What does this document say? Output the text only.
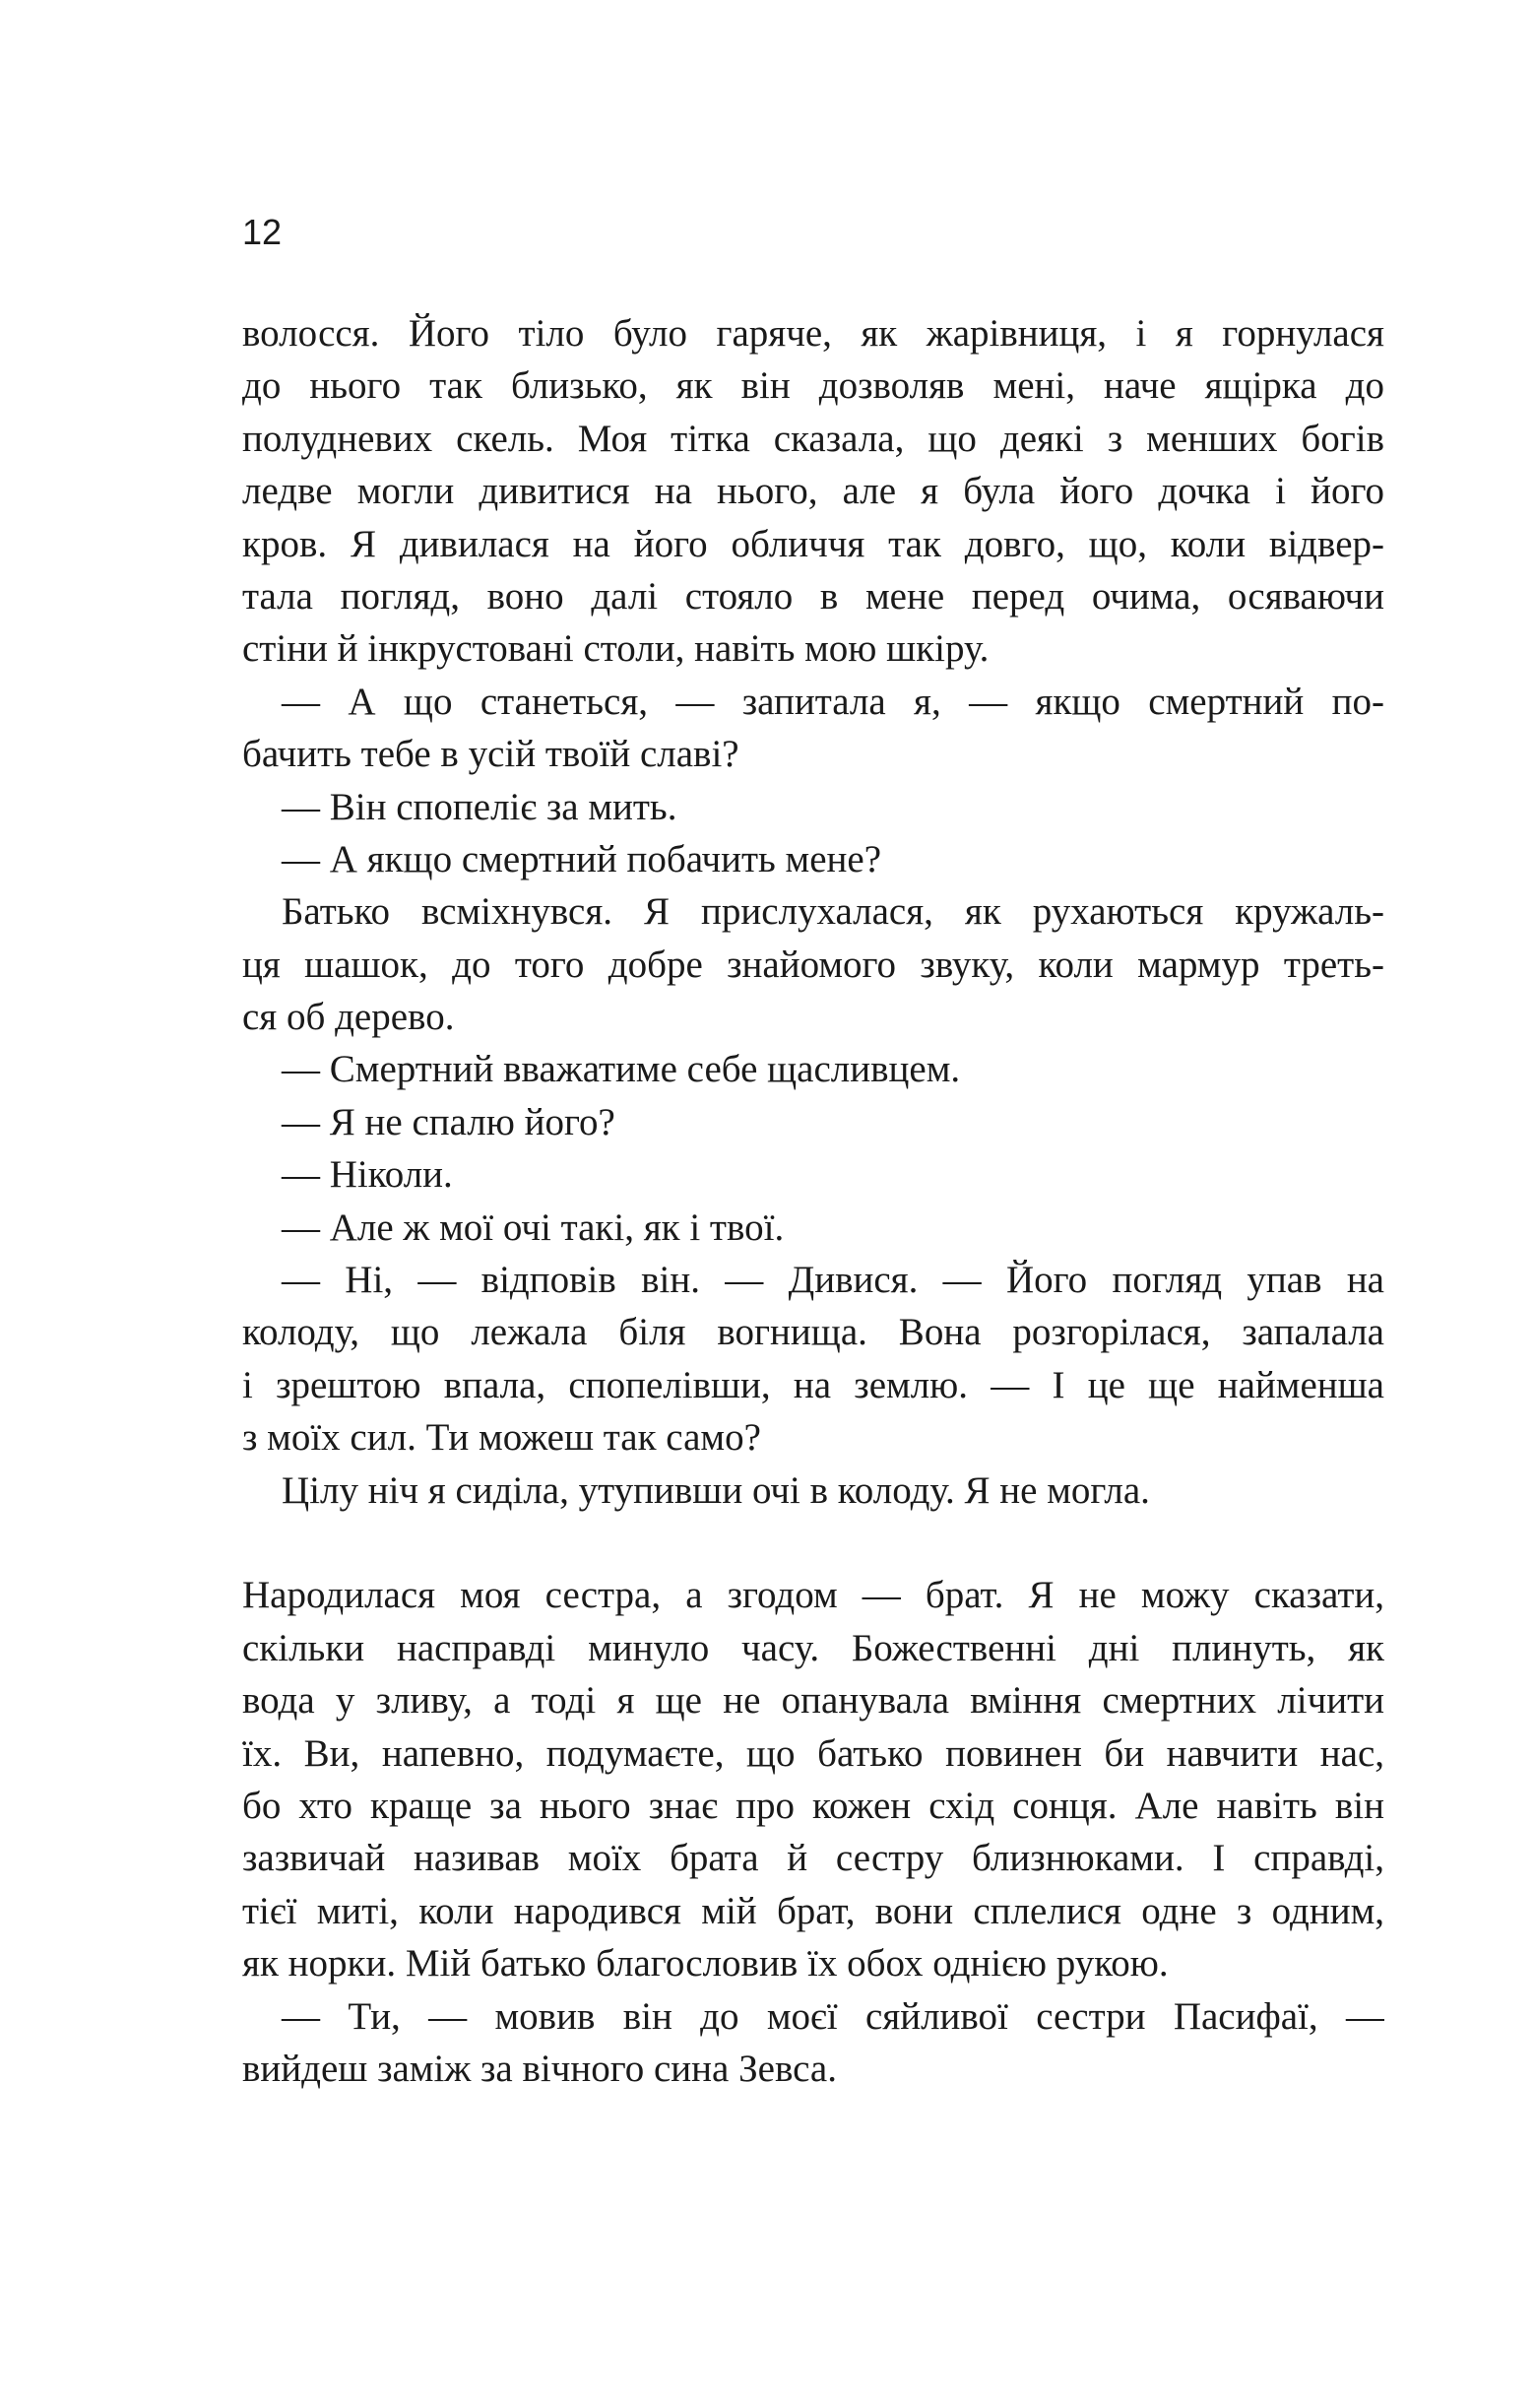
12
волосся. Його тіло було гаряче, як жарівниця, і я горнулася
до нього так близько, як він дозволяв мені, наче ящірка до
полудневих скель. Моя тітка сказала, що деякі з менших богів
ледве могли дивитися на нього, але я була його дочка і його
кров. Я дивилася на його обличчя так довго, що, коли відвер-
тала погляд, воно далі стояло в мене перед очима, осяваючи
стіни й інкрустовані столи, навіть мою шкіру.
— А що станеться, — запитала я, — якщо смертний по-
бачить тебе в усій твоїй славі?
— Він спопеліє за мить.
— А якщо смертний побачить мене?
Батько всміхнувся. Я прислухалася, як рухаються кружаль-
ця шашок, до того добре знайомого звуку, коли мармур треть-
ся об дерево.
— Смертний вважатиме себе щасливцем.
— Я не спалю його?
— Ніколи.
— Але ж мої очі такі, як і твої.
— Ні, — відповів він. — Дивися. — Його погляд упав на
колоду, що лежала біля вогнища. Вона розгорілася, запалала
і зрештою впала, спопелівши, на землю. — І це ще найменша
з моїх сил. Ти можеш так само?
Цілу ніч я сиділа, утупивши очі в колоду. Я не могла.
Народилася моя сестра, а згодом — брат. Я не можу сказати,
скільки насправді минуло часу. Божественні дні плинуть, як
вода у зливу, а тоді я ще не опанувала вміння смертних лічити
їх. Ви, напевно, подумаєте, що батько повинен би навчити нас,
бо хто краще за нього знає про кожен схід сонця. Але навіть він
зазвичай називав моїх брата й сестру близнюками. І справді,
тієї миті, коли народився мій брат, вони сплелися одне з одним,
як норки. Мій батько благословив їх обох однією рукою.
— Ти, — мовив він до моєї сяйливої сестри Пасифаї, —
вийдеш заміж за вічного сина Зевса.
